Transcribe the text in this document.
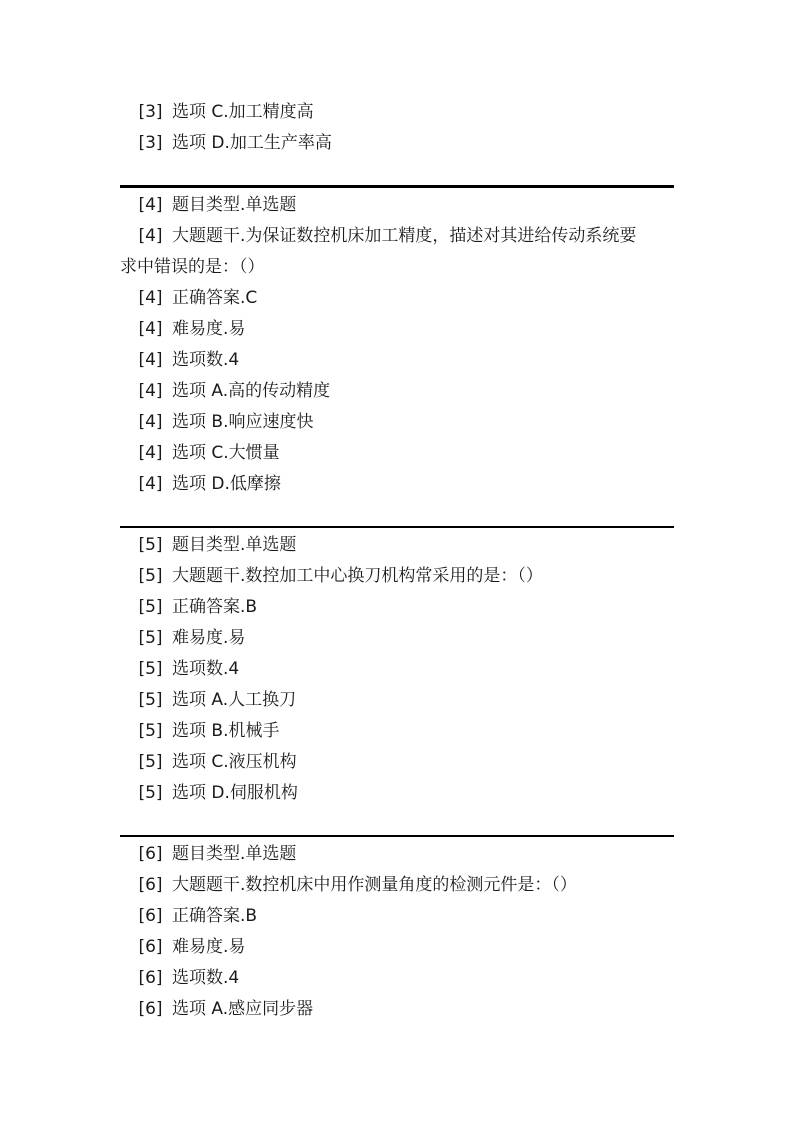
[3] 选项 C.加工精度高
[3] 选项 D.加工生产率高
[4] 题目类型.单选题
[4] 大题题干.为保证数控机床加工精度，描述对其进给传动系统要
求中错误的是：（）
[4] 正确答案.C
[4] 难易度.易
[4] 选项数.4
[4] 选项 A.高的传动精度
[4] 选项 B.响应速度快
[4] 选项 C.大惯量
[4] 选项 D.低摩擦
[5] 题目类型.单选题
[5] 大题题干.数控加工中心换刀机构常采用的是：（）
[5] 正确答案.B
[5] 难易度.易
[5] 选项数.4
[5] 选项 A.人工换刀
[5] 选项 B.机械手
[5] 选项 C.液压机构
[5] 选项 D.伺服机构
[6] 题目类型.单选题
[6] 大题题干.数控机床中用作测量角度的检测元件是：（）
[6] 正确答案.B
[6] 难易度.易
[6] 选项数.4
[6] 选项 A.感应同步器
